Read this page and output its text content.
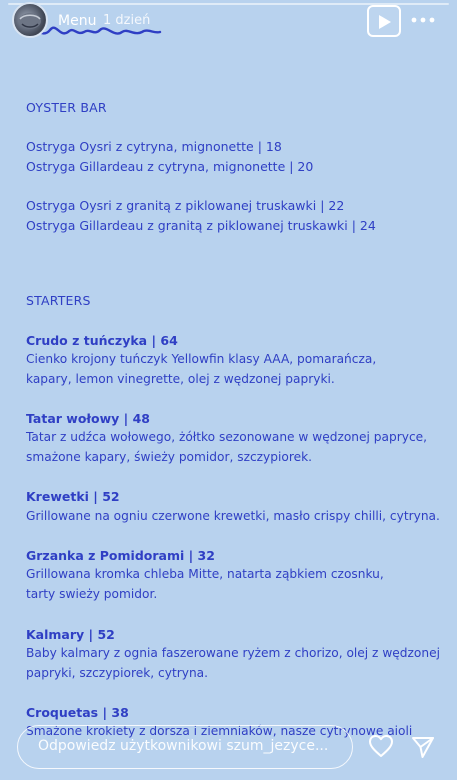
Menu 1 dzień
OYSTER BAR
Ostryga Oysri z cytryna, mignonette | 18
Ostryga Gillardeau z cytryna, mignonette | 20
Ostryga Oysri z granitą z piklowanej truskawki | 22
Ostryga Gillardeau z granitą z piklowanej truskawki | 24
STARTERS
Crudo z tuńczyka | 64
Cienko krojony tuńczyk Yellowfin klasy AAA, pomarańcza,
kapary, lemon vinegrette, olej z wędzonej papryki.
Tatar wołowy | 48
Tatar z udźca wołowego, żółtko sezonowane w wędzonej papryce,
smażone kapary, świeży pomidor, szczypiorek.
Krewetki | 52
Grillowane na ogniu czerwone krewetki, masło crispy chilli, cytryna.
Grzanka z Pomidorami | 32
Grillowana kromka chleba Mitte, natarta ząbkiem czosnku,
tarty swieży pomidor.
Kalmary | 52
Baby kalmary z ognia faszerowane ryżem z chorizo, olej z wędzonej
papryki, szczypiorek, cytryna.
Croquetas | 38
Smażone krokiety z dorsza i ziemniaków, nasze cytrynowe aioli
Odpowiedz użytkownikowi szum_jezyce...
